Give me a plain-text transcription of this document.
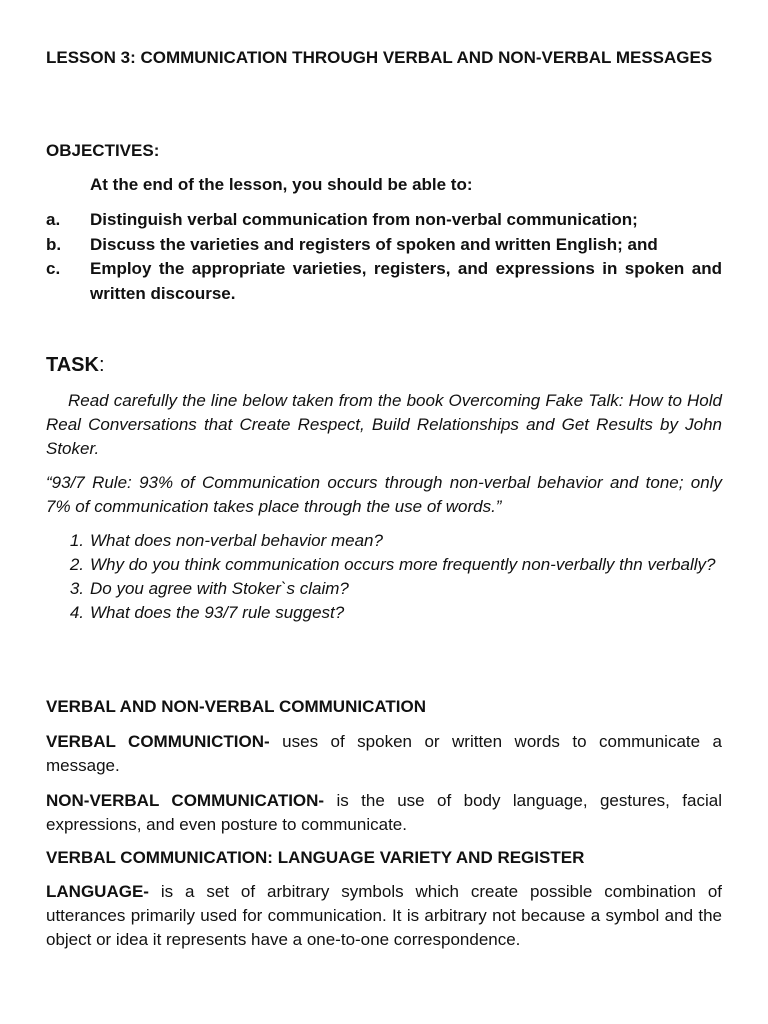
LESSON 3: COMMUNICATION THROUGH VERBAL AND NON-VERBAL MESSAGES
OBJECTIVES:
At the end of the lesson, you should be able to:
a.	Distinguish verbal communication from non-verbal communication;
b.	Discuss the varieties and registers of spoken and written English; and
c.	Employ the appropriate varieties, registers, and expressions in spoken and written discourse.
TASK:
Read carefully the line below taken from the book Overcoming Fake Talk: How to Hold Real Conversations that Create Respect, Build Relationships and Get Results by John Stoker.
“93/7 Rule: 93% of Communication occurs through non-verbal behavior and tone; only 7% of communication takes place through the use of words.”
1. What does non-verbal behavior mean?
2. Why do you think communication occurs more frequently non-verbally thn verbally?
3. Do you agree with Stoker`s claim?
4. What does the 93/7 rule suggest?
VERBAL AND NON-VERBAL COMMUNICATION
VERBAL COMMUNICTION- uses of spoken or written words to communicate a message.
NON-VERBAL COMMUNICATION- is the use of body language, gestures, facial expressions, and even posture to communicate.
VERBAL COMMUNICATION: LANGUAGE VARIETY AND REGISTER
LANGUAGE- is a set of arbitrary symbols which create possible combination of utterances primarily used for communication. It is arbitrary not because a symbol and the object or idea it represents have a one-to-one correspondence.
